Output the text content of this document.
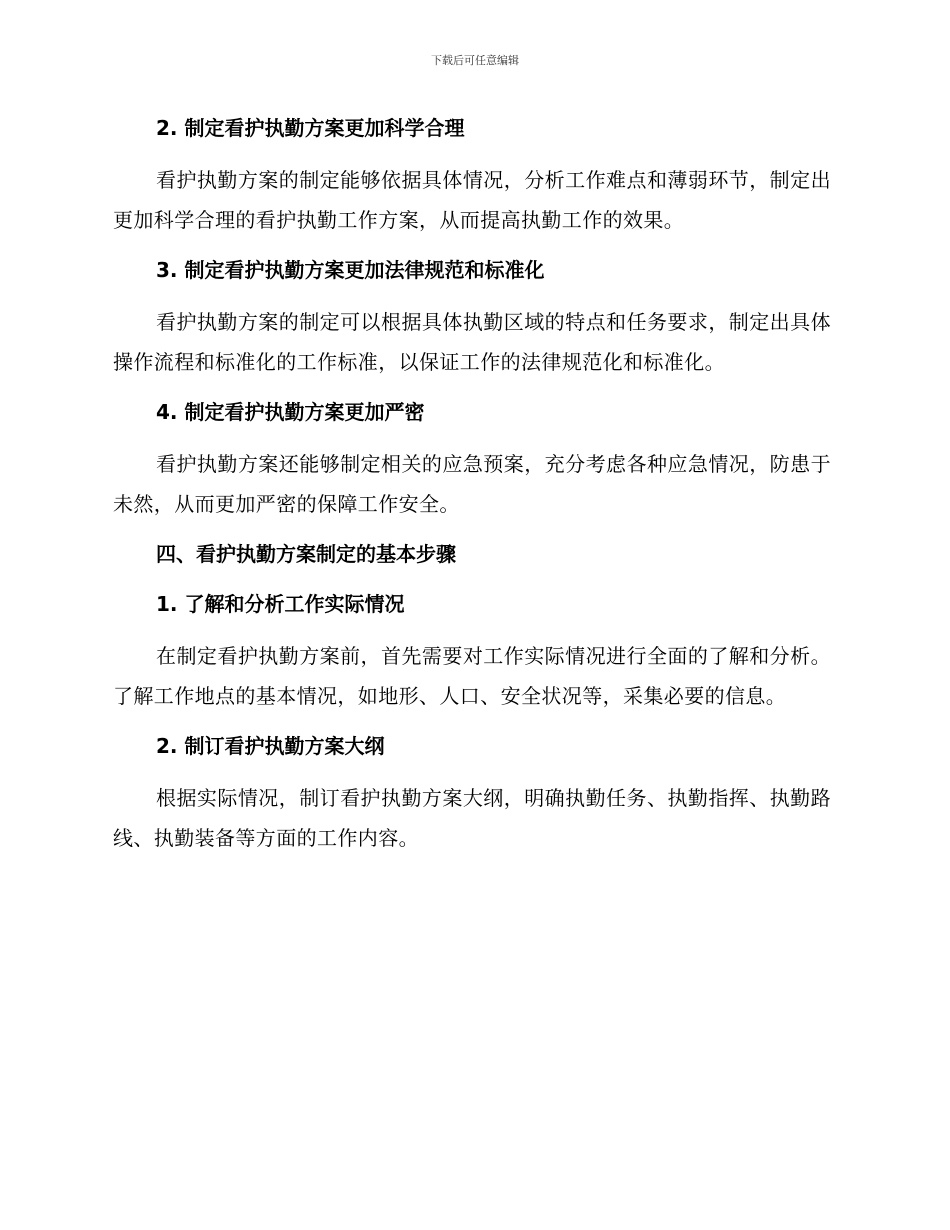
下载后可任意编辑
2. 制定看护执勤方案更加科学合理

看护执勤方案的制定能够依据具体情况，分析工作难点和薄弱环节，制定出更加科学合理的看护执勤工作方案，从而提高执勤工作的效果。

3. 制定看护执勤方案更加法律规范和标准化

看护执勤方案的制定可以根据具体执勤区域的特点和任务要求，制定出具体操作流程和标准化的工作标准，以保证工作的法律规范化和标准化。

4. 制定看护执勤方案更加严密

看护执勤方案还能够制定相关的应急预案，充分考虑各种应急情况，防患于未然，从而更加严密的保障工作安全。

四、看护执勤方案制定的基本步骤
1. 了解和分析工作实际情况

在制定看护执勤方案前，首先需要对工作实际情况进行全面的了解和分析。了解工作地点的基本情况，如地形、人口、安全状况等，采集必要的信息。

2. 制订看护执勤方案大纲

根据实际情况，制订看护执勤方案大纲，明确执勤任务、执勤指挥、执勤路线、执勤装备等方面的工作内容。
